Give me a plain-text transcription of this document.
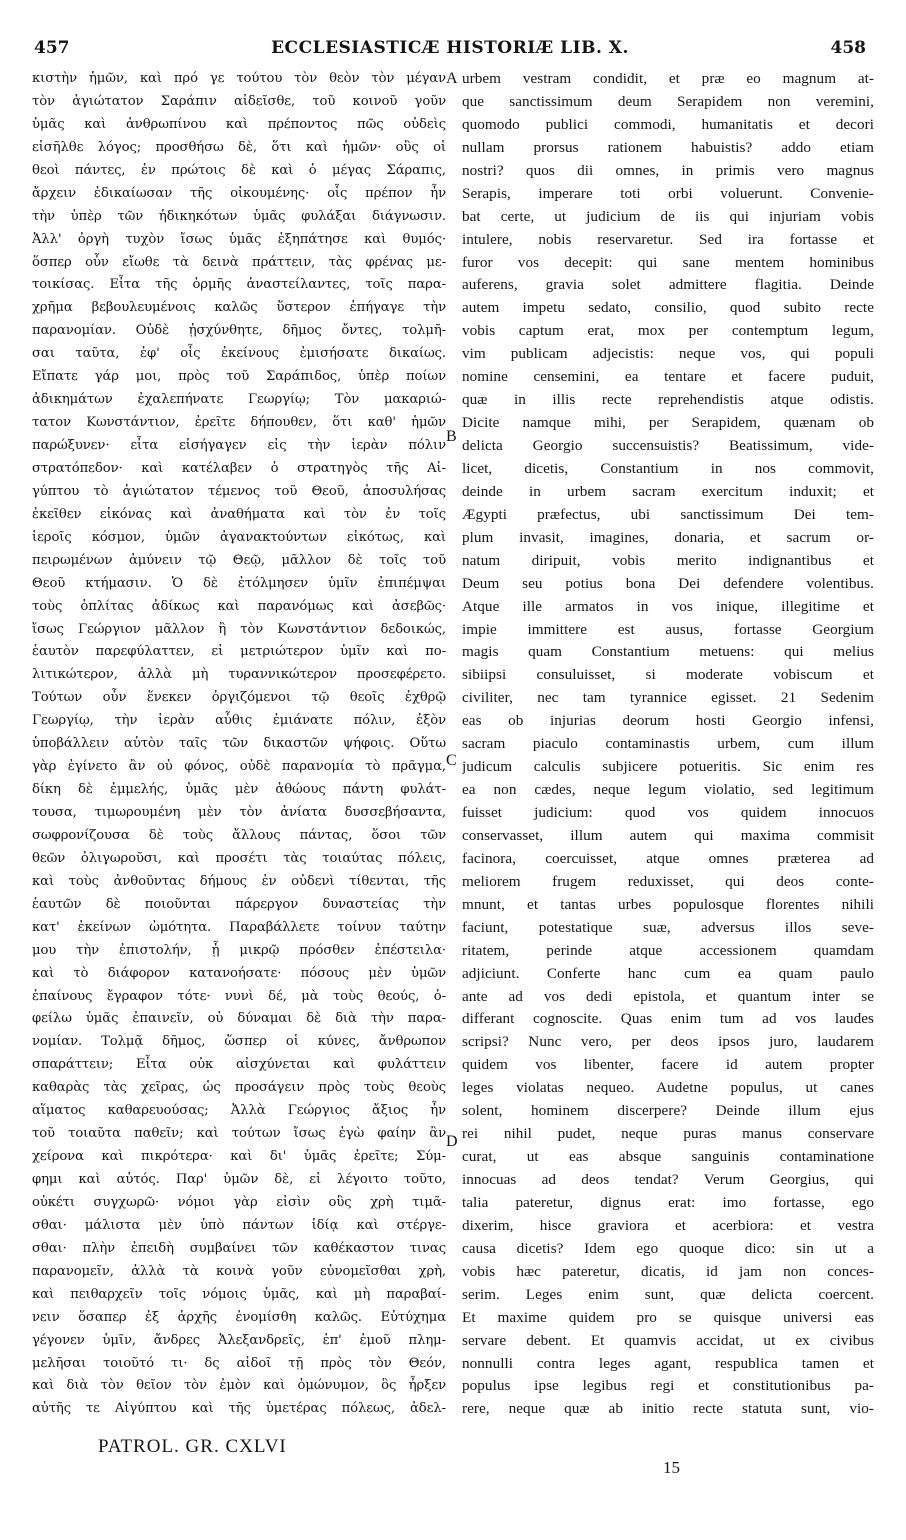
457	ECCLESIASTICÆ HISTORIÆ LIB. X.	458
κιστὴν ἡμῶν, καὶ πρό γε τούτου τὸν θεὸν τὸν μέγαν
τὸν ἁγιώτατον Σαράπιν αἰδεῖσθε, τοῦ κοινοῦ γοῦν
ὑμᾶς καὶ ἀνθρωπίνου καὶ πρέποντος πῶς οὐδεὶς
εἰσῆλθε λόγος; προσθήσω δὲ, ὅτι καὶ ἡμῶν· οὓς οἱ
θεοὶ πάντες, ἐν πρώτοις δὲ καὶ ὁ μέγας Σάραπις,
ἄρχειν ἐδικαίωσαν τῆς οἰκουμένης· οἷς πρέπον ἦν
τὴν ὑπὲρ τῶν ἠδικηκότων ὑμᾶς φυλάξαι διάγνωσιν.
Ἀλλ' ὀργὴ τυχὸν ἴσως ὑμᾶς ἐξηπάτησε καὶ θυμός·
ὅσπερ οὖν εἴωθε τὰ δεινὰ πράττειν, τὰς φρένας με-
τοικίσας. Εἶτα τῆς ὁρμῆς ἀναστείλαντες, τοῖς παρα-
χρῆμα βεβουλευμένοις καλῶς ὕστερον ἐπήγαγε τὴν
παρανομίαν. Οὐδὲ ᾐσχύνθητε, δῆμος ὄντες, τολμῆ-
σαι ταῦτα, ἐφ' οἷς ἐκείνους ἐμισήσατε δικαίως.
Εἴπατε γάρ μοι, πρὸς τοῦ Σαράπιδος, ὑπὲρ ποίων
ἀδικημάτων ἐχαλεπήνατε Γεωργίῳ; Τὸν μακαριώ-
τατον Κωνστάντιον, ἐρεῖτε δήπουθεν, ὅτι καθ' ἡμῶν
παρώξυνεν· εἶτα εἰσήγαγεν εἰς τὴν ἱερὰν πόλιν
στρατόπεδον· καὶ κατέλαβεν ὁ στρατηγὸς τῆς Αἰ-
γύπτου τὸ ἁγιώτατον τέμενος τοῦ Θεοῦ, ἀποσυλήσας
ἐκεῖθεν εἰκόνας καὶ ἀναθήματα καὶ τὸν ἐν τοῖς
ἱεροῖς κόσμον, ὑμῶν ἀγανακτούντων εἰκότως, καὶ
πειρωμένων ἀμύνειν τῷ Θεῷ, μᾶλλον δὲ τοῖς τοῦ
Θεοῦ κτήμασιν. Ὁ δὲ ἐτόλμησεν ὑμῖν ἐπιπέμψαι
τοὺς ὁπλίτας ἀδίκως καὶ παρανόμως καὶ ἀσεβῶς·
ἴσως Γεώργιον μᾶλλον ἢ τὸν Κωνστάντιον δεδοικώς,
ἑαυτὸν παρεφύλαττεν, εἰ μετριώτερον ὑμῖν καὶ πο-
λιτικώτερον, ἀλλὰ μὴ τυραννικώτερον προσεφέρετο.
Τούτων οὖν ἕνεκεν ὀργιζόμενοι τῷ θεοῖς ἐχθρῷ
Γεωργίῳ, τὴν ἱερὰν αὖθις ἐμιάνατε πόλιν, ἐξὸν
ὑποβάλλειν αὐτὸν ταῖς τῶν δικαστῶν ψήφοις. Οὕτω
γὰρ ἐγίνετο ἂν οὐ φόνος, οὐδὲ παρανομία τὸ πρᾶγμα,
δίκη δὲ ἐμμελής, ὑμᾶς μὲν ἀθώους πάντη φυλάτ-
τουσα, τιμωρουμένη μὲν τὸν ἀνίατα δυσσεβήσαντα,
σωφρονίζουσα δὲ τοὺς ἄλλους πάντας, ὅσοι τῶν
θεῶν ὀλιγωροῦσι, καὶ προσέτι τὰς τοιαύτας πόλεις,
καὶ τοὺς ἀνθοῦντας δήμους ἐν οὐδενὶ τίθενται, τῆς
ἑαυτῶν δὲ ποιοῦνται πάρεργον δυναστείας τὴν
κατ' ἐκείνων ὠμότητα. Παραβάλλετε τοίνυν ταύτην
μου τὴν ἐπιστολήν, ᾗ μικρῷ πρόσθεν ἐπέστειλα·
καὶ τὸ διάφορον κατανοήσατε· πόσους μὲν ὑμῶν
ἐπαίνους ἔγραφον τότε· νυνὶ δέ, μὰ τοὺς θεούς, ὀ-
φείλω ὑμᾶς ἐπαινεῖν, οὐ δύναμαι δὲ διὰ τὴν παρα-
νομίαν. Τολμᾷ δῆμος, ὥσπερ οἱ κύνες, ἄνθρωπον
σπαράττειν; Εἶτα οὐκ αἰσχύνεται καὶ φυλάττειν
καθαρὰς τὰς χεῖρας, ὡς προσάγειν πρὸς τοὺς θεοὺς
αἵματος καθαρευούσας; Ἀλλὰ Γεώργιος ἄξιος ἦν
τοῦ τοιαῦτα παθεῖν; καὶ τούτων ἴσως ἐγὼ φαίην ἂν
χείρονα καὶ πικρότερα· καὶ δι' ὑμᾶς ἐρεῖτε; Σύμ-
φημι καὶ αὐτός. Παρ' ὑμῶν δὲ, εἰ λέγοιτο τοῦτο,
οὐκέτι συγχωρῶ· νόμοι γὰρ εἰσὶν οὓς χρὴ τιμᾶ-
σθαι· μάλιστα μὲν ὑπὸ πάντων ἰδίᾳ καὶ στέργε-
σθαι· πλὴν ἐπειδὴ συμβαίνει τῶν καθέκαστον τινας
παρανομεῖν, ἀλλὰ τὰ κοινὰ γοῦν εὐνομεῖσθαι χρὴ,
καὶ πειθαρχεῖν τοῖς νόμοις ὑμᾶς, καὶ μὴ παραβαί-
νειν ὅσαπερ ἐξ ἀρχῆς ἐνομίσθη καλῶς. Εὐτύχημα
γέγονεν ὑμῖν, ἄνδρες Ἀλεξανδρεῖς, ἐπ' ἐμοῦ πλημ-
μελῆσαι τοιοῦτό τι· δς αἰδοῖ τῇ πρὸς τὸν Θεόν,
καὶ διὰ τὸν θεῖον τὸν ἐμὸν καὶ ὁμώνυμον, ὃς ἦρξεν
αὐτῆς τε Αἰγύπτου καὶ τῆς ὑμετέρας πόλεως, ἀδελ-
urbem vestram condidit, et præ eo magnum at-
que sanctissimum deum Serapidem non veremini,
quomodo publici commodi, humanitatis et decori
nullam prorsus rationem habuistis? addo etiam
nostri? quos dii omnes, in primis vero magnus
Serapis, imperare toti orbi voluerunt. Convenie-
bat certe, ut judicium de iis qui injuriam vobis
intulere, nobis reservaretur. Sed ira fortasse et
furor vos decepit: qui sane mentem hominibus
auferens, gravia solet admittere flagitia. Deinde
autem impetu sedato, consilio, quod subito recte
vobis captum erat, mox per contemptum legum,
vim publicam adjecistis: neque vos, qui populi
nomine censemini, ea tentare et facere puduit,
quæ in illis recte reprehendistis atque odistis.
Dicite namque mihi, per Serapidem, quænam ob
delicta Georgio succensuistis? Beatissimum, vide-
licet, dicetis, Constantium in nos commovit,
deinde in urbem sacram exercitum induxit; et
Ægypti præfectus, ubi sanctissimum Dei tem-
plum invasit, imagines, donaria, et sacrum or-
natum diripuit, vobis merito indignantibus et
Deum seu potius bona Dei defendere volentibus.
Atque ille armatos in vos inique, illegitime et
impie immittere est ausus, fortasse Georgium
magis quam Constantium metuens: qui melius
sibiipsi consuluisset, si moderate vobiscum et
civiliter, nec tam tyrannice egisset. 21 Sedenim
eas ob injurias deorum hosti Georgio infensi,
sacram piaculo contaminastis urbem, cum illum
judicum calculis subjicere potueritis. Sic enim res
ea non cædes, neque legum violatio, sed legitimum
fuisset judicium: quod vos quidem innocuos
conservasset, illum autem qui maxima commisit
facinora, coercuisset, atque omnes præterea ad
meliorem frugem reduxisset, qui deos conte-
mnunt, et tantas urbes populosque florentes nihili
faciunt, potestatique suæ, adversus illos seve-
ritatem, perinde atque accessionem quamdam
adjiciunt. Conferte hanc cum ea quam paulo
ante ad vos dedi epistola, et quantum inter se
differant cognoscite. Quas enim tum ad vos laudes
scripsi? Nunc vero, per deos ipsos juro, laudarem
quidem vos libenter, facere id autem propter
leges violatas nequeo. Audetne populus, ut canes
solent, hominem discerpere? Deinde illum ejus
rei nihil pudet, neque puras manus conservare
curat, ut eas absque sanguinis contaminatione
innocuas ad deos tendat? Verum Georgius, qui
talia pateretur, dignus erat: imo fortasse, ego
dixerim, hisce graviora et acerbiora: et vestra
causa dicetis? Idem ego quoque dico: sin ut a
vobis hæc pateretur, dicatis, id jam non conces-
serim. Leges enim sunt, quæ delicta coercent.
Et maxime quidem pro se quisque universi eas
servare debent. Et quamvis accidat, ut ex civibus
nonnulli contra leges agant, respublica tamen et
populus ipse legibus regi et constitutionibus pa-
rere, neque quæ ab initio recte statuta sunt, vio-
A
B
C
D
PATROL. GR. CXLVI
15
